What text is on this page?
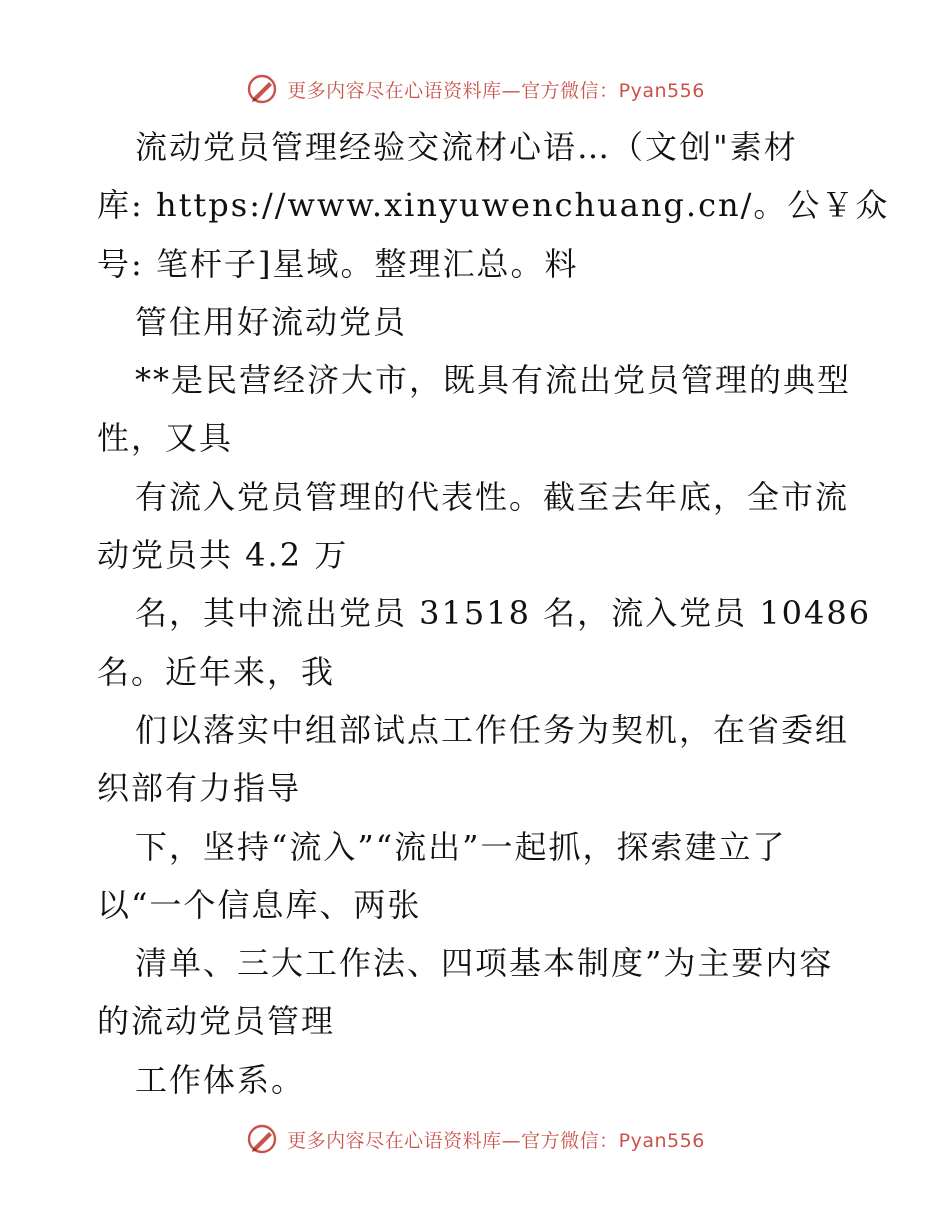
更多内容尽在心语资料库—官方微信：Pyan556
流动党员管理经验交流材心语…（文创"素材
库: https://www.xinyuwenchuang.cn/。公￥众
号: 笔杆子]星域。整理汇总。料
管住用好流动党员
**是民营经济大市，既具有流出党员管理的典型
性，又具
有流入党员管理的代表性。截至去年底，全市流
动党员共 4.2 万
名，其中流出党员 31518 名，流入党员 10486
名。近年来，我
们以落实中组部试点工作任务为契机，在省委组
织部有力指导
下，坚持“流入”“流出”一起抓，探索建立了
以“一个信息库、两张
清单、三大工作法、四项基本制度”为主要内容
的流动党员管理
工作体系。
更多内容尽在心语资料库—官方微信：Pyan556
